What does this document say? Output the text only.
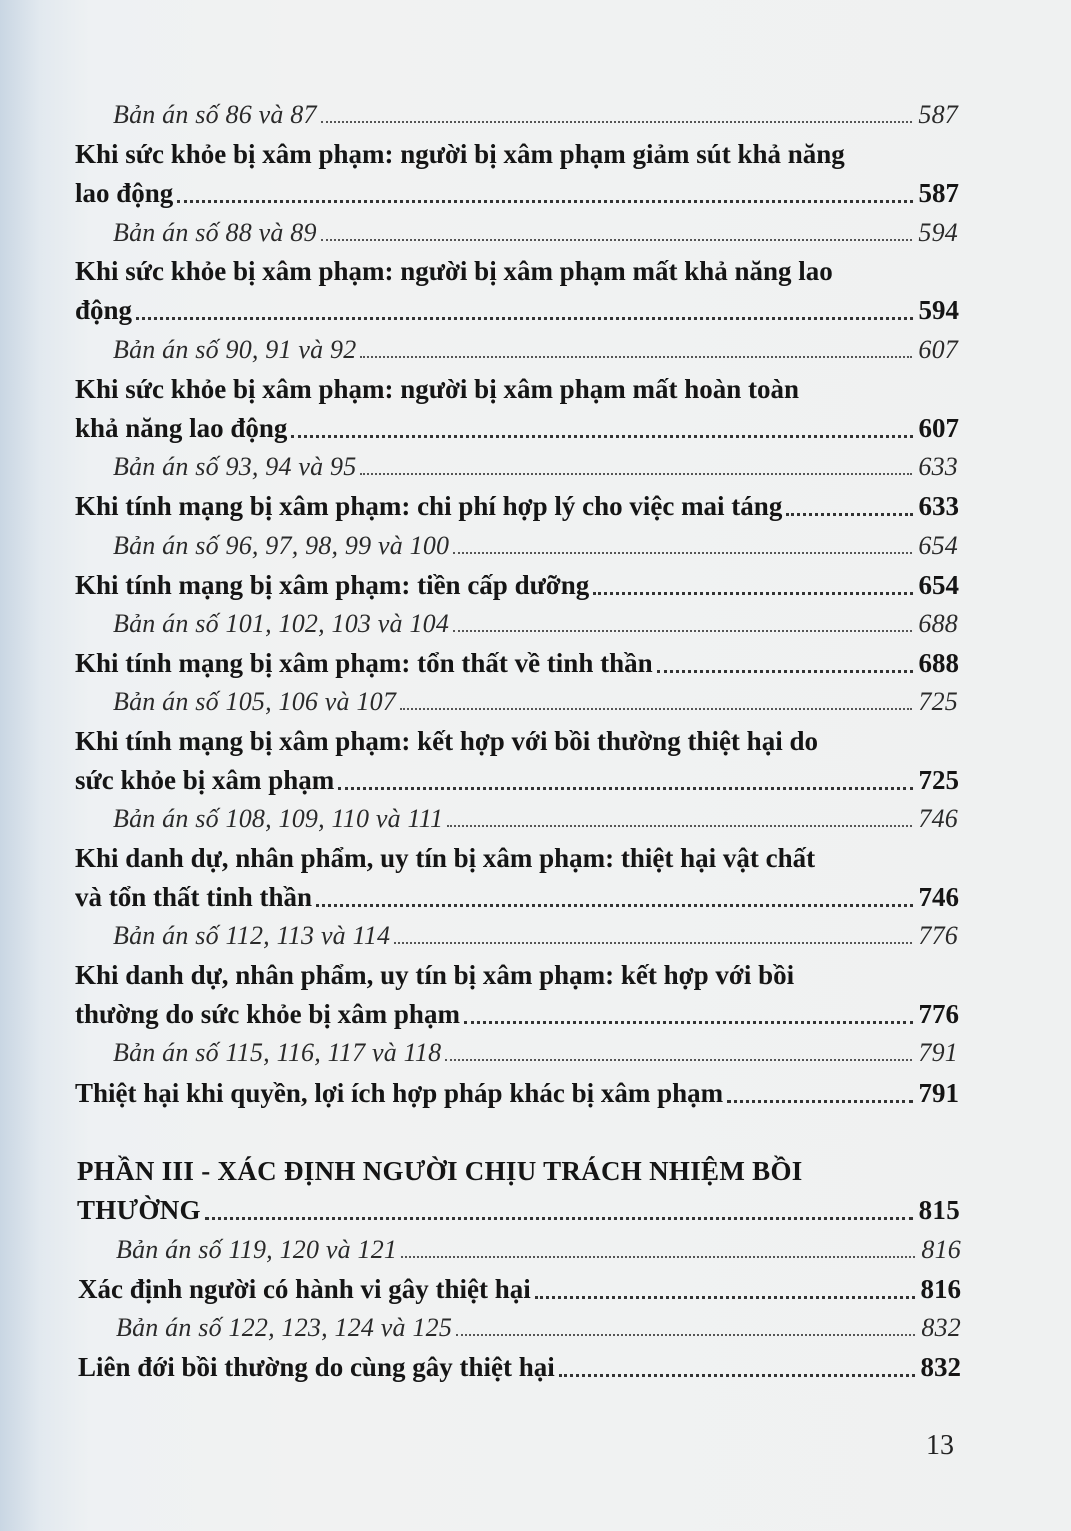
Bản án số 86 và 87	587
Khi sức khỏe bị xâm phạm: người bị xâm phạm giảm sút khả năng
lao động	587
Bản án số 88 và 89	594
Khi sức khỏe bị xâm phạm: người bị xâm phạm mất khả năng lao
động	594
Bản án số 90, 91 và 92	607
Khi sức khỏe bị xâm phạm: người bị xâm phạm mất hoàn toàn
khả năng lao động	607
Bản án số 93, 94 và 95	633
Khi tính mạng bị xâm phạm: chi phí hợp lý cho việc mai táng	633
Bản án số 96, 97, 98, 99 và 100	654
Khi tính mạng bị xâm phạm: tiền cấp dưỡng	654
Bản án số 101, 102, 103 và 104	688
Khi tính mạng bị xâm phạm: tổn thất về tinh thần	688
Bản án số 105, 106 và 107	725
Khi tính mạng bị xâm phạm: kết hợp với bồi thường thiệt hại do
sức khỏe bị xâm phạm	725
Bản án số 108, 109, 110 và 111	746
Khi danh dự, nhân phẩm, uy tín bị xâm phạm: thiệt hại vật chất
và tổn thất tinh thần	746
Bản án số 112, 113 và 114	776
Khi danh dự, nhân phẩm, uy tín bị xâm phạm: kết hợp với bồi
thường do sức khỏe bị xâm phạm	776
Bản án số 115, 116, 117 và 118	791
Thiệt hại khi quyền, lợi ích hợp pháp khác bị xâm phạm	791
PHẦN III - XÁC ĐỊNH NGƯỜI CHỊU TRÁCH NHIỆM BỒI
THƯỜNG	815
Bản án số 119, 120 và 121	816
Xác định người có hành vi gây thiệt hại	816
Bản án số 122, 123, 124 và 125	832
Liên đới bồi thường do cùng gây thiệt hại	832
13
